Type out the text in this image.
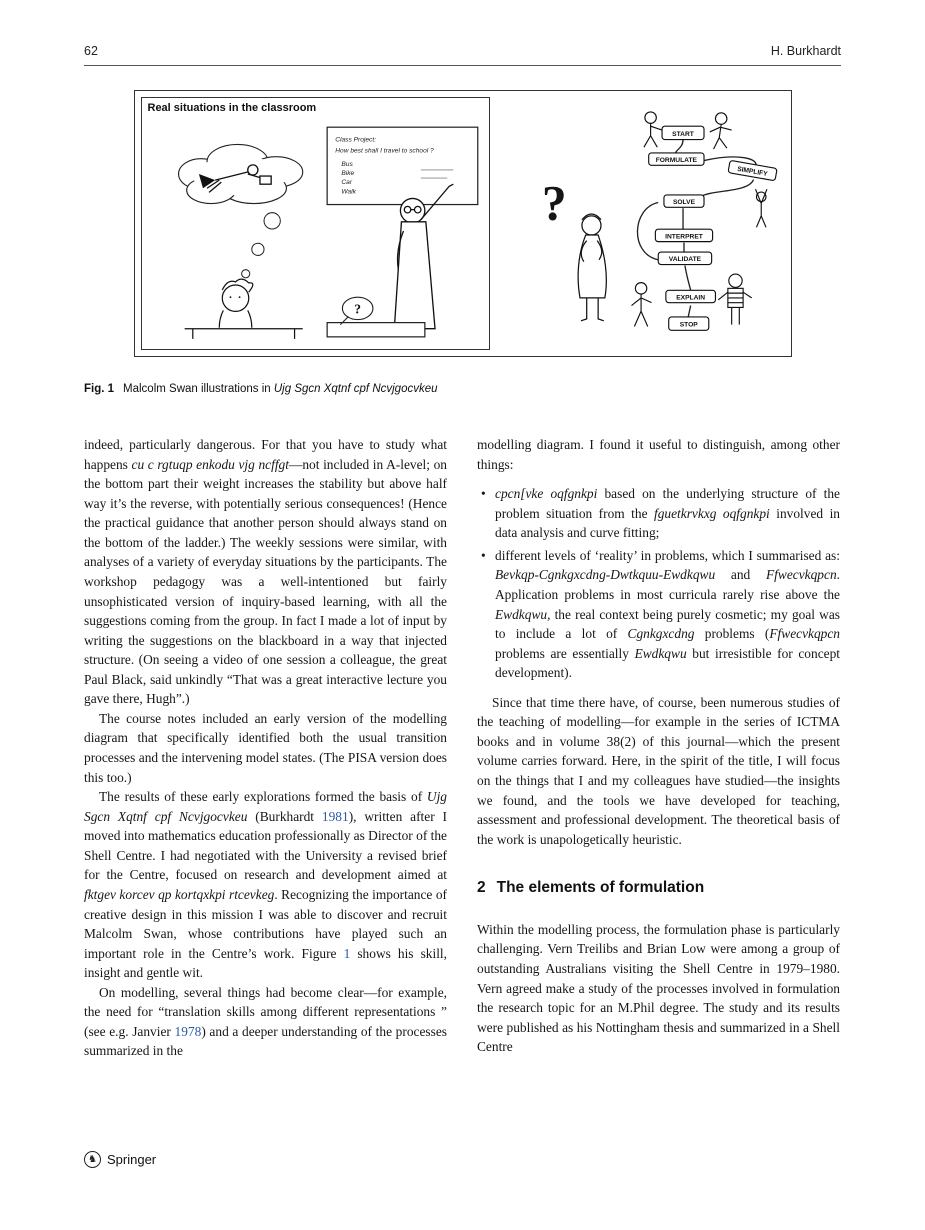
62	H. Burkhardt
Real situations in the classroom
Class Project:
How best shall I travel to school ?
Bus
Bike
Car
Walk
?
?
START
FORMULATE
SIMPLIFY
SOLVE
INTERPRET
VALIDATE
EXPLAIN
STOP
Fig. 1 Malcolm Swan illustrations in Ujg Sgcn Xqtnf cpf Ncvjgocvkeu

indeed, particularly dangerous. For that you have to study what happens cu c rgtuqp enkodu vjg ncffgt—not included in A-level; on the bottom part their weight increases the stability but above half way it’s the reverse, with potentially serious consequences! (Hence the practical guidance that another person should always stand on the bottom of the ladder.) The weekly sessions were similar, with analyses of a variety of everyday situations by the participants. The workshop pedagogy was a well-intentioned but fairly unsophisticated version of inquiry-based learning, with all the suggestions coming from the group. In fact I made a lot of input by writing the suggestions on the blackboard in a way that injected structure. (On seeing a video of one session a colleague, the great Paul Black, said unkindly “That was a great interactive lecture you gave there, Hugh”.)

The course notes included an early version of the modelling diagram that specifically identified both the usual transition processes and the intervening model states. (The PISA version does this too.)

The results of these early explorations formed the basis of Ujg Sgcn Xqtnf cpf Ncvjgocvkeu (Burkhardt 1981), written after I moved into mathematics education professionally as Director of the Shell Centre. I had negotiated with the University a revised brief for the Centre, focused on research and development aimed at fktgev korcev qp kortqxkpi rtcevkeg. Recognizing the importance of creative design in this mission I was able to discover and recruit Malcolm Swan, whose contributions have played such an important role in the Centre’s work. Figure 1 shows his skill, insight and gentle wit.

On modelling, several things had become clear—for example, the need for “translation skills among different representations ” (see e.g. Janvier 1978) and a deeper understanding of the processes summarized in the

modelling diagram. I found it useful to distinguish, among other things:

• cpcn[vke oqfgnkpi based on the underlying structure of the problem situation from the fguetkrvkxg oqfgnkpi involved in data analysis and curve fitting;
• different levels of ‘reality’ in problems, which I summarised as: Bevkqp-Cgnkgxcdng-Dwtkquu-Ewdkqwu and Ffwecvkqpcn. Application problems in most curricula rarely rise above the Ewdkqwu, the real context being purely cosmetic; my goal was to include a lot of Cgnkgxcdng problems (Ffwecvkqpcn problems are essentially Ewdkqwu but irresistible for concept development).

Since that time there have, of course, been numerous studies of the teaching of modelling—for example in the series of ICTMA books and in volume 38(2) of this journal—which the present volume carries forward. Here, in the spirit of the title, I will focus on the things that I and my colleagues have studied—the insights we found, and the tools we have developed for teaching, assessment and professional development. The theoretical basis of the work is unapologetically heuristic.

2 The elements of formulation

Within the modelling process, the formulation phase is particularly challenging. Vern Treilibs and Brian Low were among a group of outstanding Australians visiting the Shell Centre in 1979–1980. Vern agreed make a study of the processes involved in formulation the research topic for an M.Phil degree. The study and its results were published as his Nottingham thesis and summarized in a Shell Centre

♞ Springer
